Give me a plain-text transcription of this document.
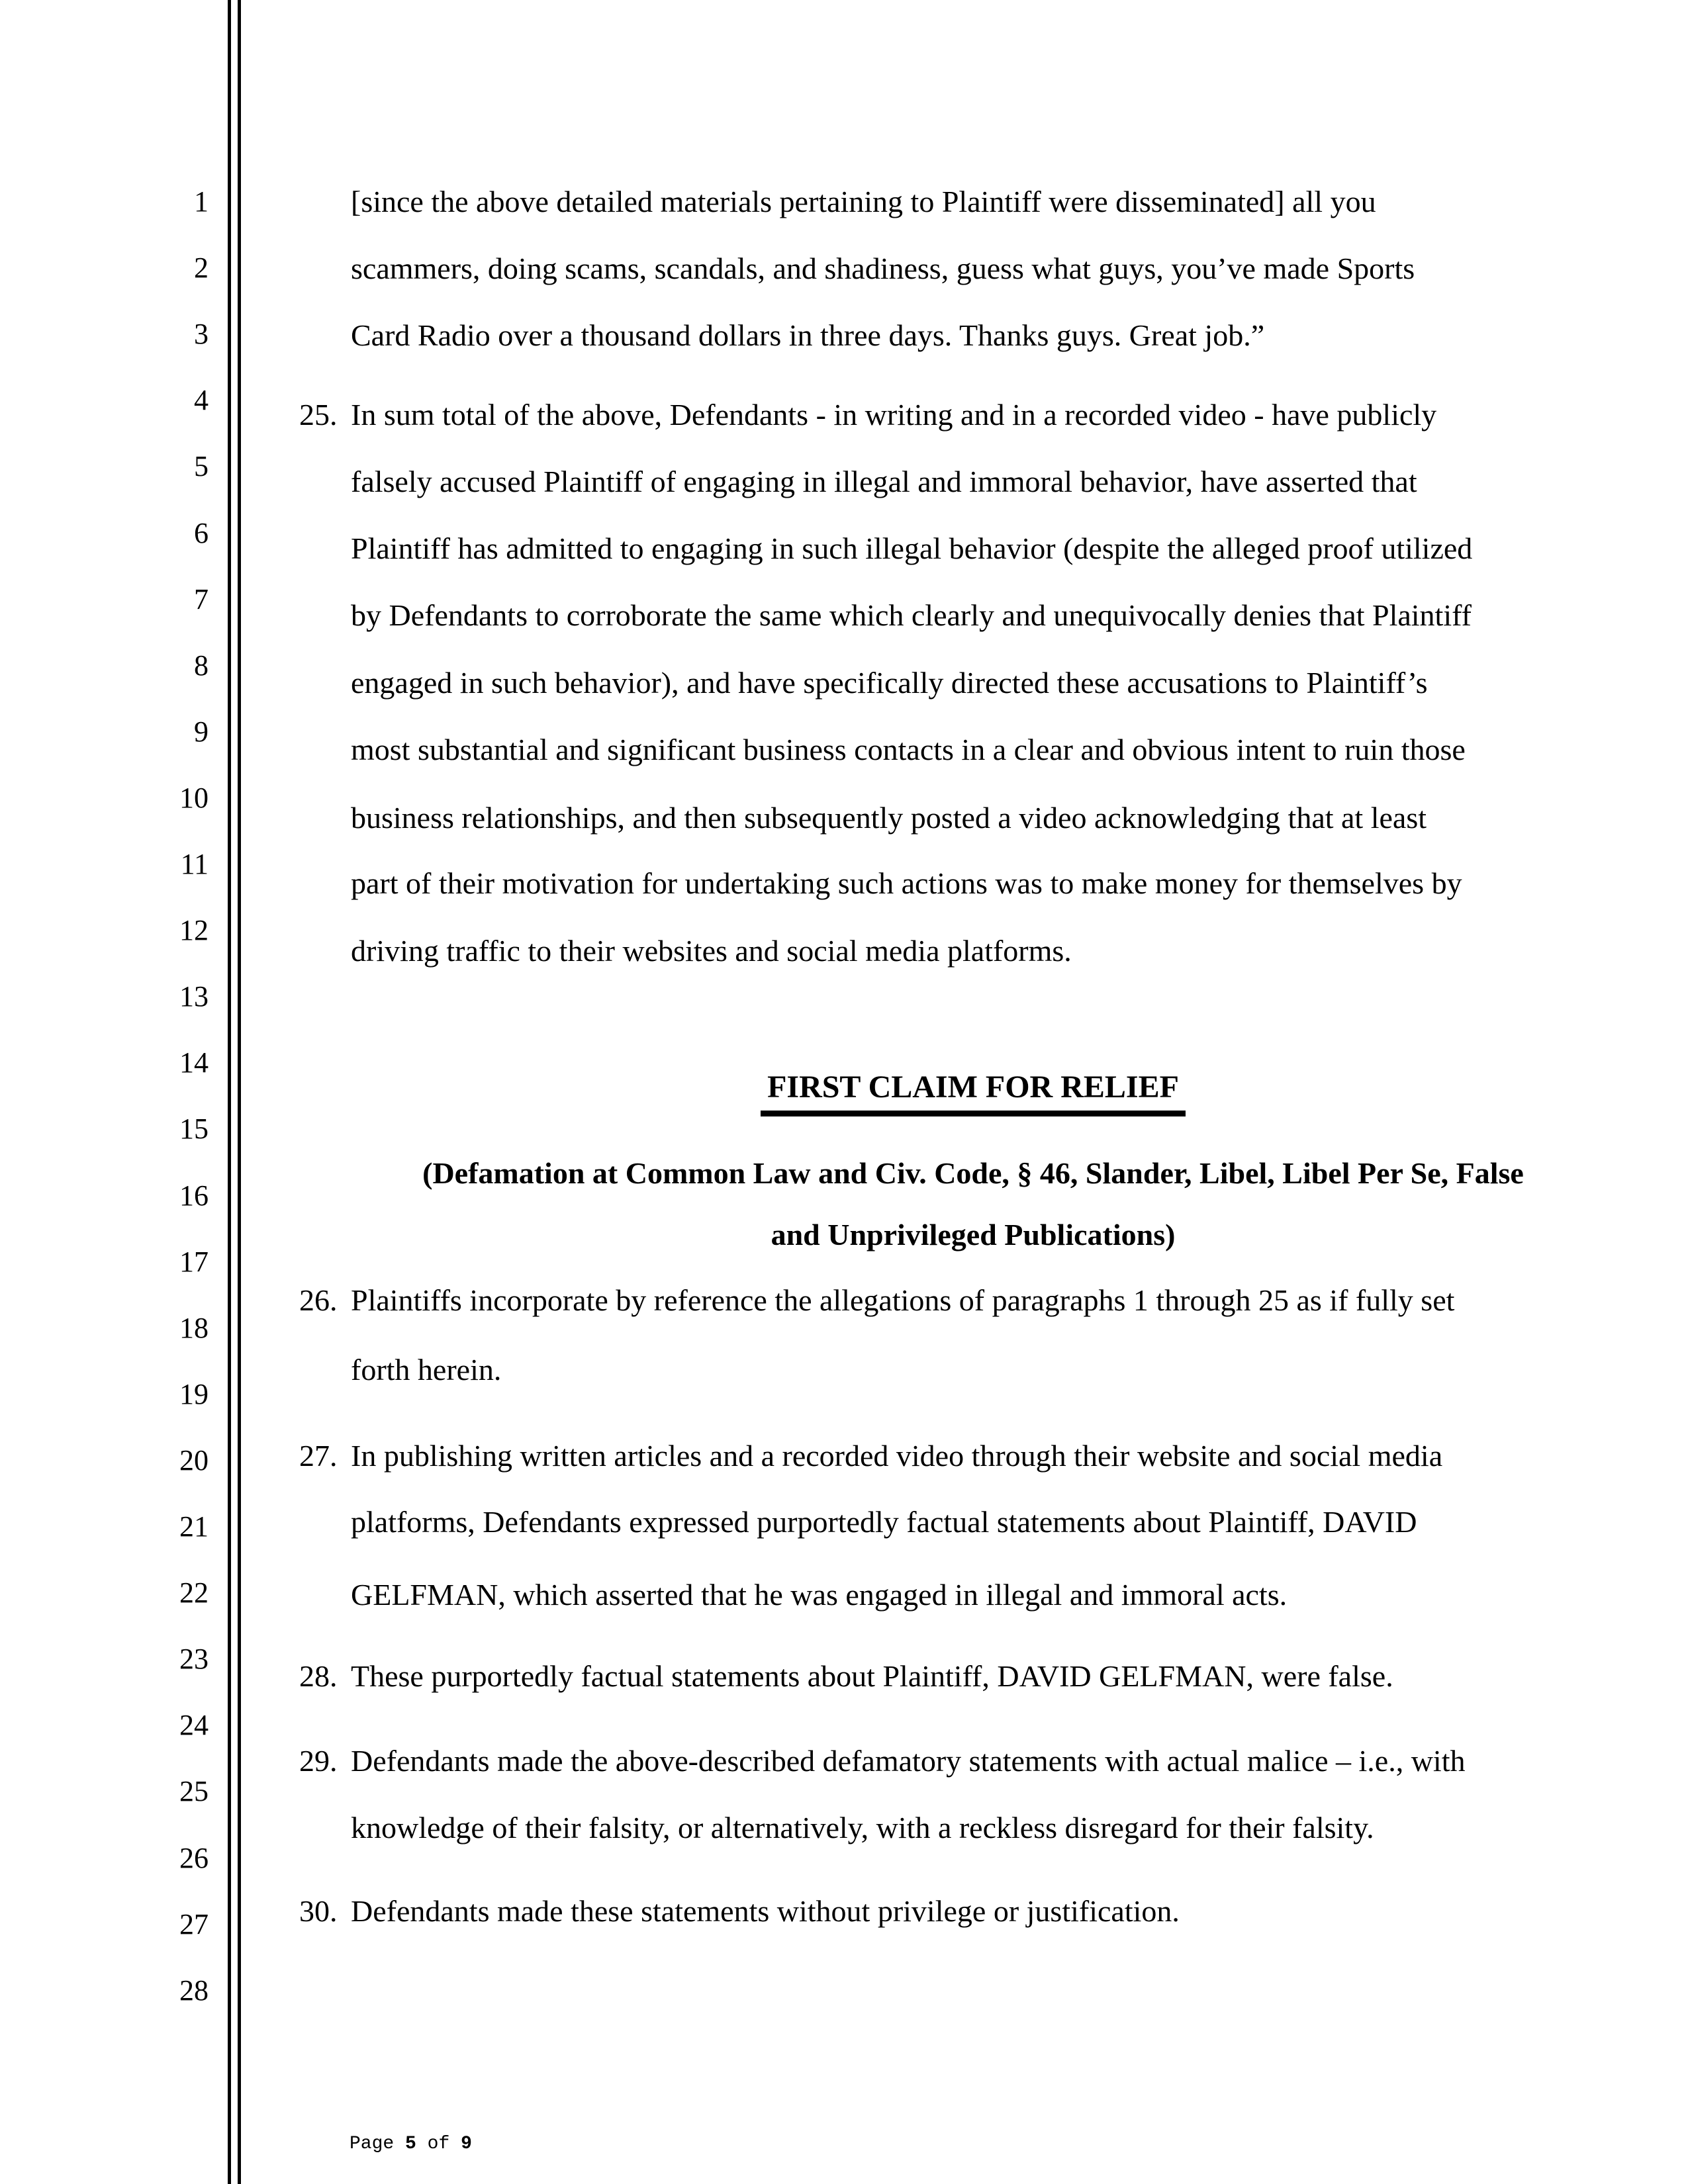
1
2
3
4
5
6
7
8
9
10
11
12
13
14
15
16
17
18
19
20
21
22
23
24
25
26
27
28
[since the above detailed materials pertaining to Plaintiff were disseminated] all you
scammers, doing scams, scandals, and shadiness, guess what guys, you’ve made Sports
Card Radio over a thousand dollars in three days. Thanks guys. Great job.”
25. In sum total of the above, Defendants - in writing and in a recorded video - have publicly
falsely accused Plaintiff of engaging in illegal and immoral behavior, have asserted that
Plaintiff has admitted to engaging in such illegal behavior (despite the alleged proof utilized
by Defendants to corroborate the same which clearly and unequivocally denies that Plaintiff
engaged in such behavior), and have specifically directed these accusations to Plaintiff’s
most substantial and significant business contacts in a clear and obvious intent to ruin those
business relationships, and then subsequently posted a video acknowledging that at least
part of their motivation for undertaking such actions was to make money for themselves by
driving traffic to their websites and social media platforms.
FIRST CLAIM FOR RELIEF
(Defamation at Common Law and Civ. Code, § 46, Slander, Libel, Libel Per Se, False
and Unprivileged Publications)
26. Plaintiffs incorporate by reference the allegations of paragraphs 1 through 25 as if fully set
forth herein.
27. In publishing written articles and a recorded video through their website and social media
platforms, Defendants expressed purportedly factual statements about Plaintiff, DAVID
GELFMAN, which asserted that he was engaged in illegal and immoral acts.
28. These purportedly factual statements about Plaintiff, DAVID GELFMAN, were false.
29. Defendants made the above-described defamatory statements with actual malice – i.e., with
knowledge of their falsity, or alternatively, with a reckless disregard for their falsity.
30. Defendants made these statements without privilege or justification.
Page 5 of 9
